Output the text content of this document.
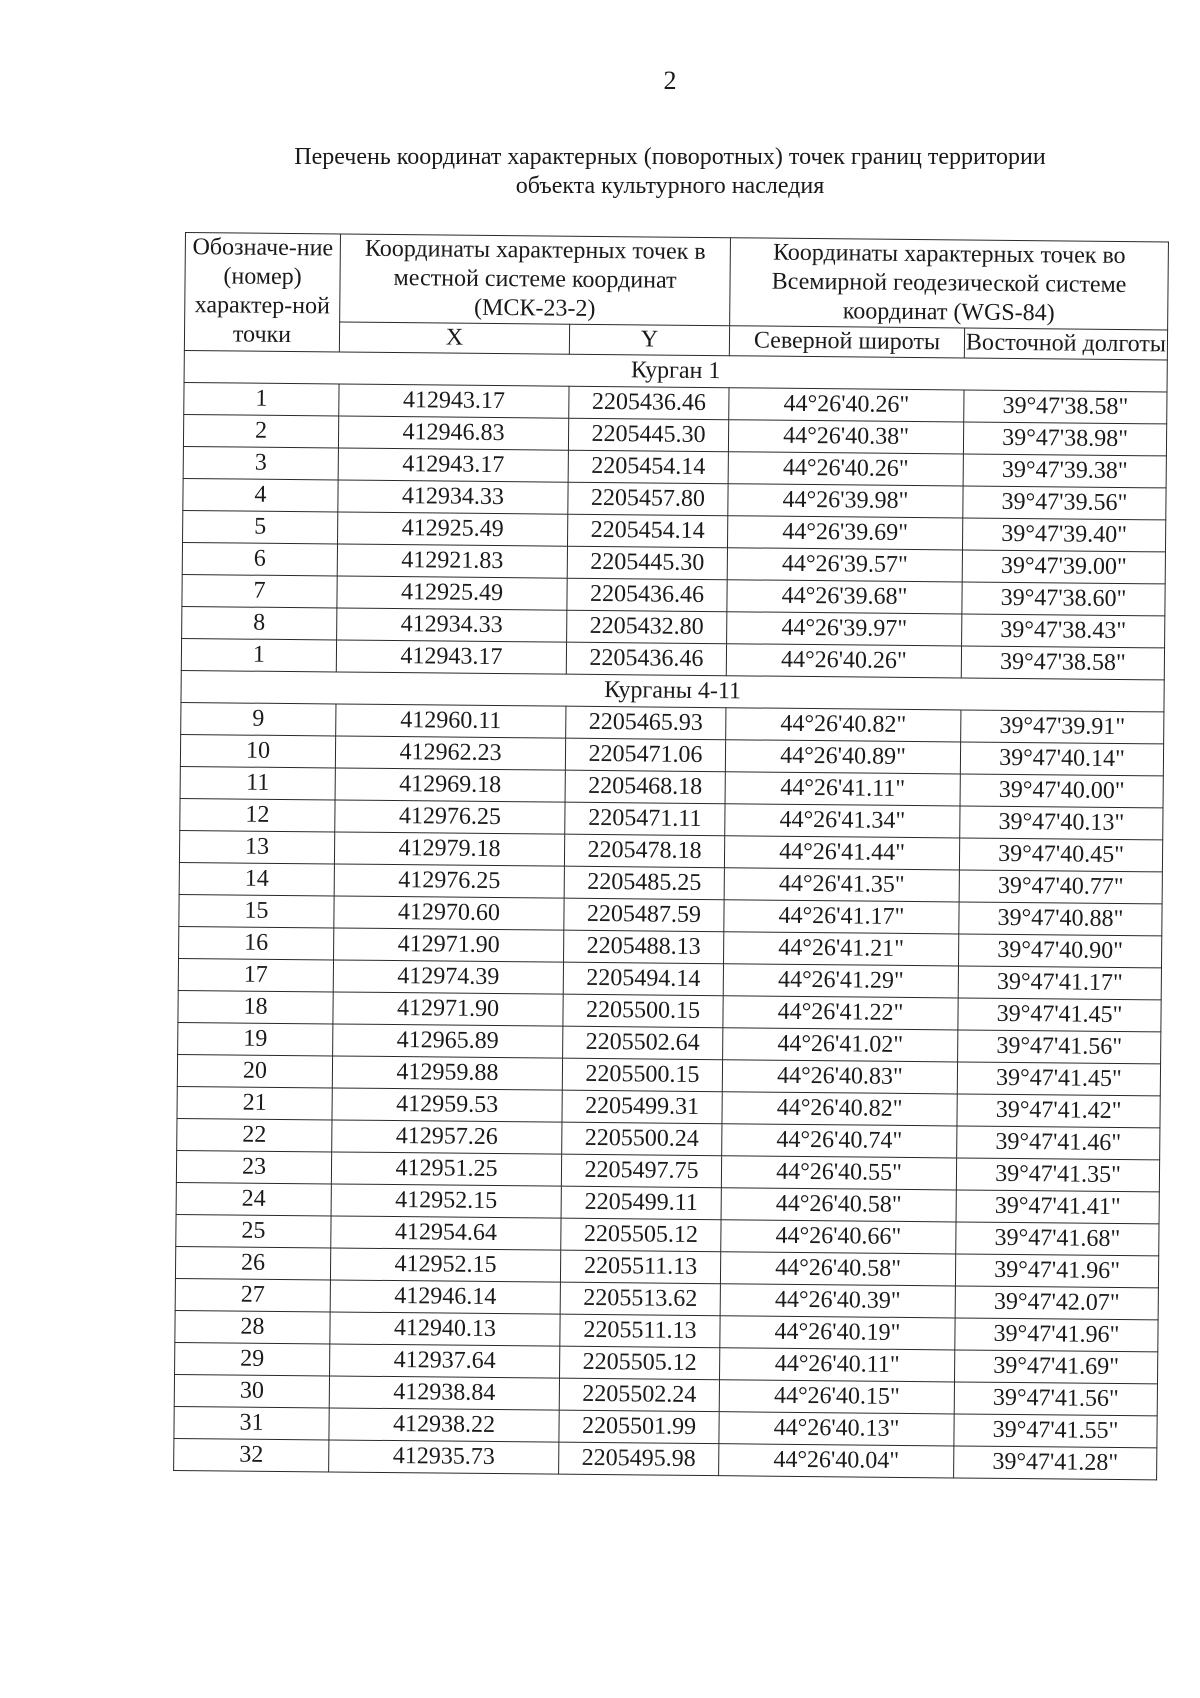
2
Перечень координат характерных (поворотных) точек границ территории
объекта культурного наследия
Обозначе-ние (номер) характер-ной точки	Координаты характерных точек в местной системе координат (МСК-23-2)		Координаты характерных точек во Всемирной геодезической системе координат (WGS-84)	
	X	Y	Северной широты	Восточной долготы
Курган 1				
1	412943.17	2205436.46	44°26'40.26"	39°47'38.58"
2	412946.83	2205445.30	44°26'40.38"	39°47'38.98"
3	412943.17	2205454.14	44°26'40.26"	39°47'39.38"
4	412934.33	2205457.80	44°26'39.98"	39°47'39.56"
5	412925.49	2205454.14	44°26'39.69"	39°47'39.40"
6	412921.83	2205445.30	44°26'39.57"	39°47'39.00"
7	412925.49	2205436.46	44°26'39.68"	39°47'38.60"
8	412934.33	2205432.80	44°26'39.97"	39°47'38.43"
1	412943.17	2205436.46	44°26'40.26"	39°47'38.58"
Курганы 4-11				
9	412960.11	2205465.93	44°26'40.82"	39°47'39.91"
10	412962.23	2205471.06	44°26'40.89"	39°47'40.14"
11	412969.18	2205468.18	44°26'41.11"	39°47'40.00"
12	412976.25	2205471.11	44°26'41.34"	39°47'40.13"
13	412979.18	2205478.18	44°26'41.44"	39°47'40.45"
14	412976.25	2205485.25	44°26'41.35"	39°47'40.77"
15	412970.60	2205487.59	44°26'41.17"	39°47'40.88"
16	412971.90	2205488.13	44°26'41.21"	39°47'40.90"
17	412974.39	2205494.14	44°26'41.29"	39°47'41.17"
18	412971.90	2205500.15	44°26'41.22"	39°47'41.45"
19	412965.89	2205502.64	44°26'41.02"	39°47'41.56"
20	412959.88	2205500.15	44°26'40.83"	39°47'41.45"
21	412959.53	2205499.31	44°26'40.82"	39°47'41.42"
22	412957.26	2205500.24	44°26'40.74"	39°47'41.46"
23	412951.25	2205497.75	44°26'40.55"	39°47'41.35"
24	412952.15	2205499.11	44°26'40.58"	39°47'41.41"
25	412954.64	2205505.12	44°26'40.66"	39°47'41.68"
26	412952.15	2205511.13	44°26'40.58"	39°47'41.96"
27	412946.14	2205513.62	44°26'40.39"	39°47'42.07"
28	412940.13	2205511.13	44°26'40.19"	39°47'41.96"
29	412937.64	2205505.12	44°26'40.11"	39°47'41.69"
30	412938.84	2205502.24	44°26'40.15"	39°47'41.56"
31	412938.22	2205501.99	44°26'40.13"	39°47'41.55"
32	412935.73	2205495.98	44°26'40.04"	39°47'41.28"
